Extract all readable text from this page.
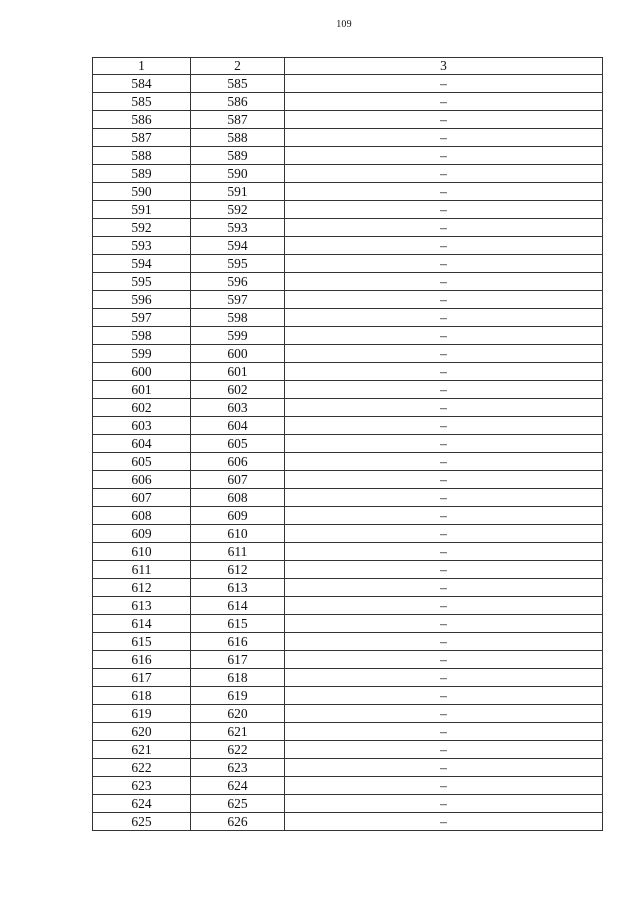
109
1	2	3
584	585	–
585	586	–
586	587	–
587	588	–
588	589	–
589	590	–
590	591	–
591	592	–
592	593	–
593	594	–
594	595	–
595	596	–
596	597	–
597	598	–
598	599	–
599	600	–
600	601	–
601	602	–
602	603	–
603	604	–
604	605	–
605	606	–
606	607	–
607	608	–
608	609	–
609	610	–
610	611	–
611	612	–
612	613	–
613	614	–
614	615	–
615	616	–
616	617	–
617	618	–
618	619	–
619	620	–
620	621	–
621	622	–
622	623	–
623	624	–
624	625	–
625	626	–
